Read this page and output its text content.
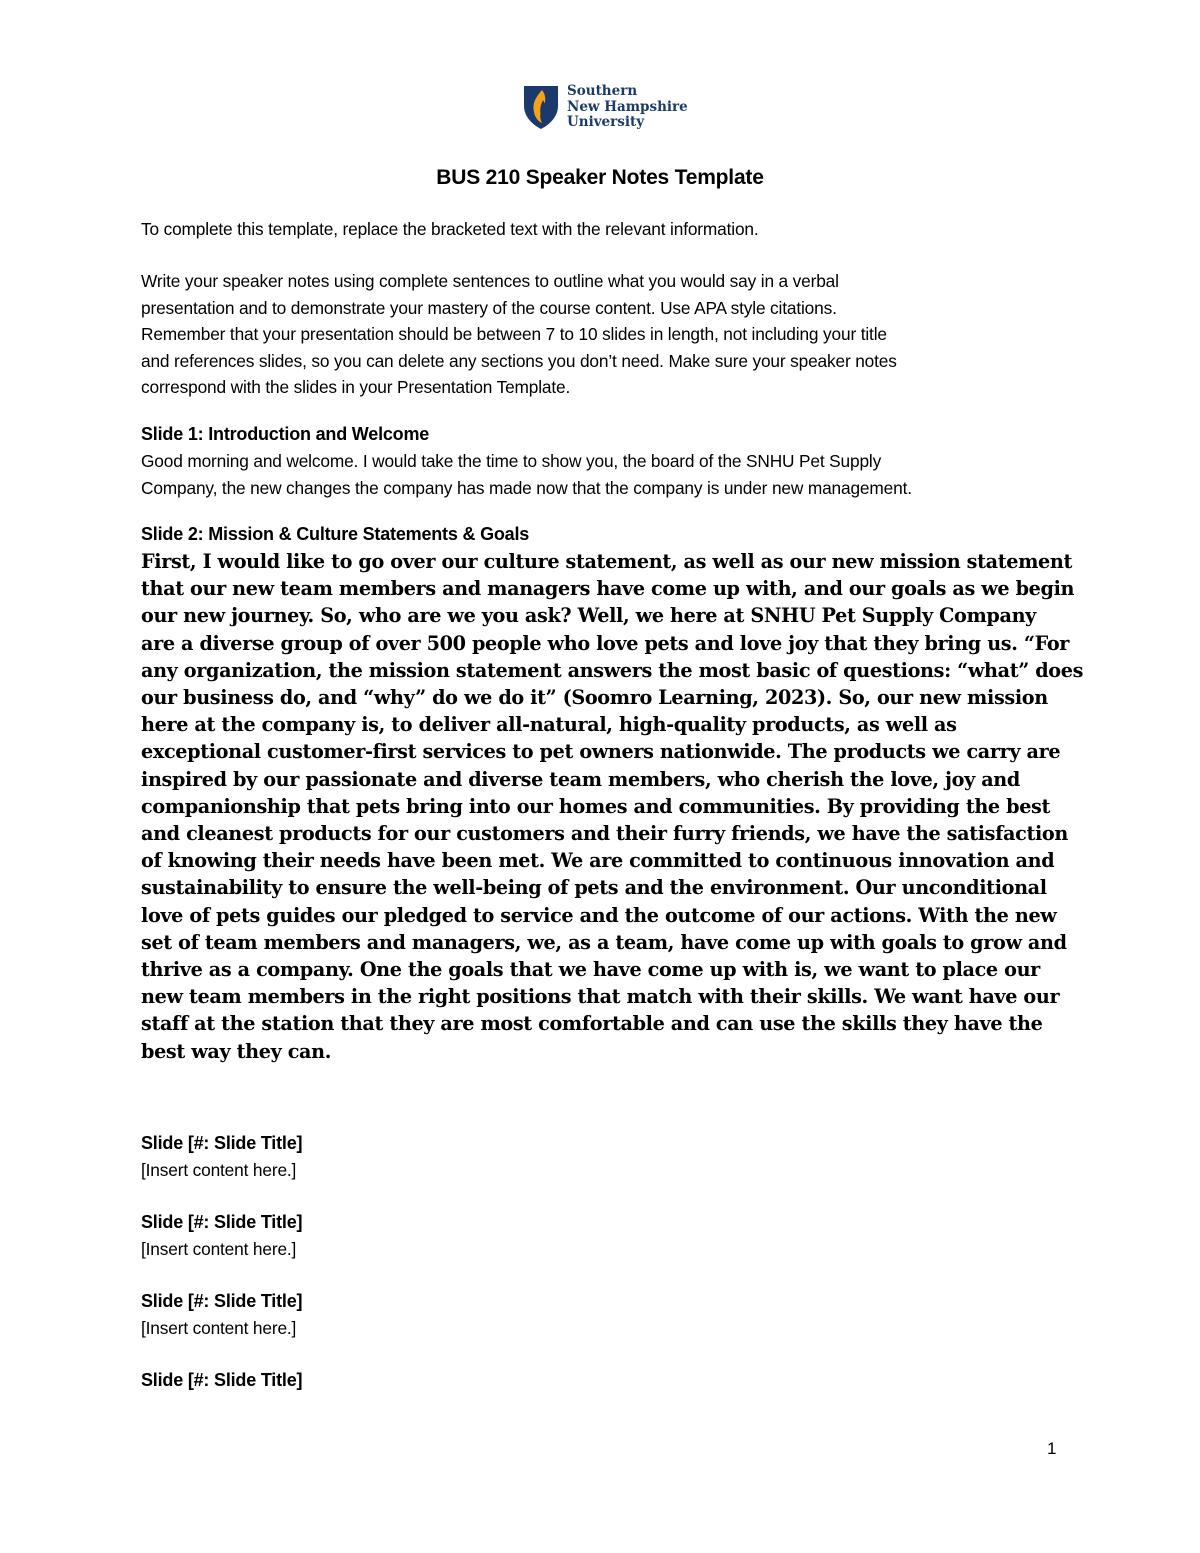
Southern
New Hampshire
University
BUS 210 Speaker Notes Template
To complete this template, replace the bracketed text with the relevant information.
Write your speaker notes using complete sentences to outline what you would say in a verbal
presentation and to demonstrate your mastery of the course content. Use APA style citations.
Remember that your presentation should be between 7 to 10 slides in length, not including your title
and references slides, so you can delete any sections you don’t need. Make sure your speaker notes
correspond with the slides in your Presentation Template.
Slide 1: Introduction and Welcome
Good morning and welcome. I would take the time to show you, the board of the SNHU Pet Supply
Company, the new changes the company has made now that the company is under new management.
Slide 2: Mission & Culture Statements & Goals
First, I would like to go over our culture statement, as well as our new mission statement
that our new team members and managers have come up with, and our goals as we begin
our new journey. So, who are we you ask? Well, we here at SNHU Pet Supply Company
are a diverse group of over 500 people who love pets and love joy that they bring us. “For
any organization, the mission statement answers the most basic of questions: “what” does
our business do, and “why” do we do it” (Soomro Learning, 2023). So, our new mission
here at the company is, to deliver all-natural, high-quality products, as well as
exceptional customer-first services to pet owners nationwide. The products we carry are
inspired by our passionate and diverse team members, who cherish the love, joy and
companionship that pets bring into our homes and communities. By providing the best
and cleanest products for our customers and their furry friends, we have the satisfaction
of knowing their needs have been met. We are committed to continuous innovation and
sustainability to ensure the well-being of pets and the environment. Our unconditional
love of pets guides our pledged to service and the outcome of our actions. With the new
set of team members and managers, we, as a team, have come up with goals to grow and
thrive as a company. One the goals that we have come up with is, we want to place our
new team members in the right positions that match with their skills. We want have our
staff at the station that they are most comfortable and can use the skills they have the
best way they can.
Slide [#: Slide Title]
[Insert content here.]
Slide [#: Slide Title]
[Insert content here.]
Slide [#: Slide Title]
[Insert content here.]
Slide [#: Slide Title]
1
